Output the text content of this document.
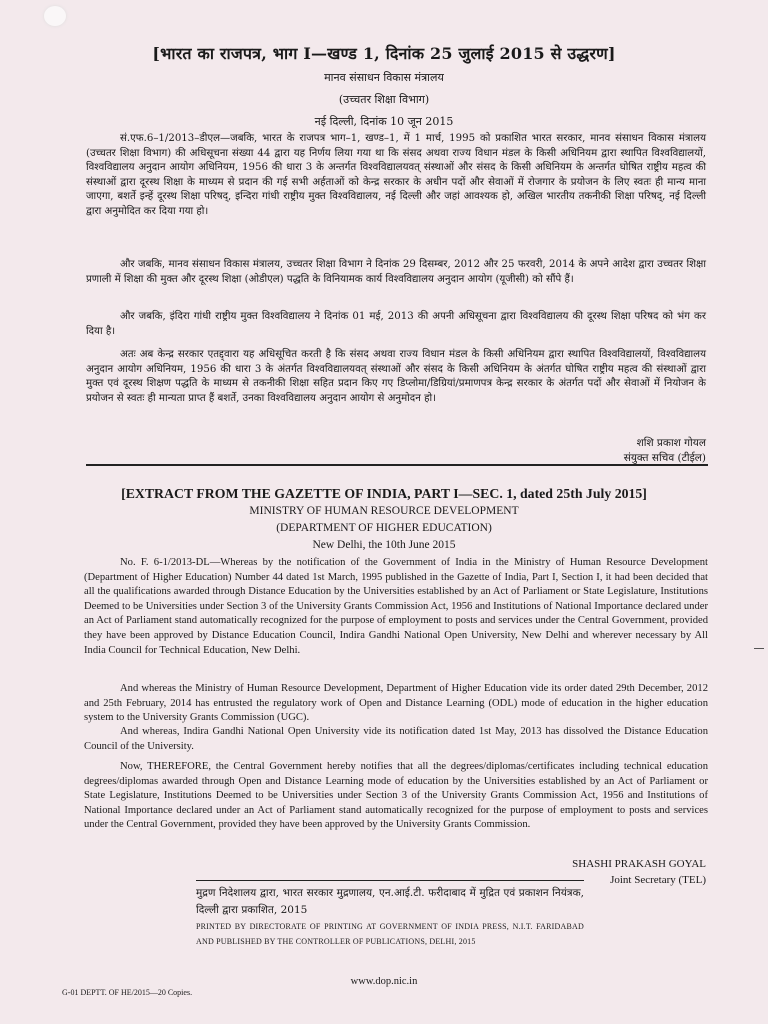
[भारत का राजपत्र, भाग I—खण्ड 1, दिनांक 25 जुलाई 2015 से उद्धरण]
मानव संसाधन विकास मंत्रालय
(उच्चतर शिक्षा विभाग)
नई दिल्ली, दिनांक 10 जून 2015
सं.एफ.6–1/2013–डीएल—जबकि, भारत के राजपत्र भाग–1, खण्ड–1, में 1 मार्च, 1995 को प्रकाशित भारत सरकार, मानव संसाधन विकास मंत्रालय (उच्चतर शिक्षा विभाग) की अधिसूचना संख्या 44 द्वारा यह निर्णय लिया गया था कि संसद अथवा राज्य विधान मंडल के किसी अधिनियम द्वारा स्थापित विश्वविद्यालयों, विश्वविद्यालय अनुदान आयोग अधिनियम, 1956 की धारा 3 के अन्तर्गत विश्वविद्यालयवत् संस्थाओं और संसद के किसी अधिनियम के अन्तर्गत घोषित राष्ट्रीय महत्व की संस्थाओं द्वारा दूरस्थ शिक्षा के माध्यम से प्रदान की गई सभी अर्हताओं को केन्द्र सरकार के अधीन पदों और सेवाओं में रोजगार के प्रयोजन के लिए स्वतः ही मान्य माना जाएगा, बशर्ते इन्हें दूरस्थ शिक्षा परिषद्, इन्दिरा गांधी राष्ट्रीय मुक्त विश्वविद्यालय, नई दिल्ली और जहां आवश्यक हो, अखिल भारतीय तकनीकी शिक्षा परिषद्, नई दिल्ली द्वारा अनुमोदित कर दिया गया हो।
और जबकि, मानव संसाधन विकास मंत्रालय, उच्चतर शिक्षा विभाग ने दिनांक 29 दिसम्बर, 2012 और 25 फरवरी, 2014 के अपने आदेश द्वारा उच्चतर शिक्षा प्रणाली में शिक्षा की मुक्त और दूरस्थ शिक्षा (ओडीएल) पद्धति के विनियामक कार्य विश्वविद्यालय अनुदान आयोग (यूजीसी) को सौंपे हैं।
और जबकि, इंदिरा गांधी राष्ट्रीय मुक्त विश्वविद्यालय ने दिनांक 01 मई, 2013 की अपनी अधिसूचना द्वारा विश्वविद्यालय की दूरस्थ शिक्षा परिषद को भंग कर दिया है।
अतः अब केन्द्र सरकार एतद्द्वारा यह अधिसूचित करती है कि संसद अथवा राज्य विधान मंडल के किसी अधिनियम द्वारा स्थापित विश्वविद्यालयों, विश्वविद्यालय अनुदान आयोग अधिनियम, 1956 की धारा 3 के अंतर्गत विश्वविद्यालयवत् संस्थाओं और संसद के किसी अधिनियम के अंतर्गत घोषित राष्ट्रीय महत्व की संस्थाओं द्वारा मुक्त एवं दूरस्थ शिक्षण पद्धति के माध्यम से तकनीकी शिक्षा सहित प्रदान किए गए डिप्लोमा/डिग्रियां/प्रमाणपत्र केन्द्र सरकार के अंतर्गत पदों और सेवाओं में नियोजन के प्रयोजन से स्वतः ही मान्यता प्राप्त हैं बशर्ते, उनका विश्वविद्यालय अनुदान आयोग से अनुमोदन हो।
शशि प्रकाश गोयल
संयुक्त सचिव (टीईल)
[EXTRACT FROM THE GAZETTE OF INDIA, PART I—SEC. 1, dated 25th July 2015]
MINISTRY OF HUMAN RESOURCE DEVELOPMENT
(DEPARTMENT OF HIGHER EDUCATION)
New Delhi, the 10th June 2015
No. F. 6-1/2013-DL—Whereas by the notification of the Government of India in the Ministry of Human Resource Development (Department of Higher Education) Number 44 dated 1st March, 1995 published in the Gazette of India, Part I, Section I, it had been decided that all the qualifications awarded through Distance Education by the Universities established by an Act of Parliament or State Legislature, Institutions Deemed to be Universities under Section 3 of the University Grants Commission Act, 1956 and Institutions of National Importance declared under an Act of Parliament stand automatically recognized for the purpose of employment to posts and services under the Central Government, provided they have been approved by Distance Education Council, Indira Gandhi National Open University, New Delhi and wherever necessary by All India Council for Technical Education, New Delhi.
And whereas the Ministry of Human Resource Development, Department of Higher Education vide its order dated 29th December, 2012 and 25th February, 2014 has entrusted the regulatory work of Open and Distance Learning (ODL) mode of education in the higher education system to the University Grants Commission (UGC).
And whereas, Indira Gandhi National Open University vide its notification dated 1st May, 2013 has dissolved the Distance Education Council of the University.
Now, THEREFORE, the Central Government hereby notifies that all the degrees/diplomas/certificates including technical education degrees/diplomas awarded through Open and Distance Learning mode of education by the Universities established by an Act of Parliament or State Legislature, Institutions Deemed to be Universities under Section 3 of the University Grants Commission Act, 1956 and Institutions of National Importance declared under an Act of Parliament stand automatically recognized for the purpose of employment to posts and services under the Central Government, provided they have been approved by the University Grants Commission.
SHASHI PRAKASH GOYAL
Joint Secretary (TEL)
मुद्रण निदेशालय द्वारा, भारत सरकार मुद्रणालय, एन.आई.टी. फरीदाबाद में मुद्रित एवं प्रकाशन नियंत्रक, दिल्ली द्वारा प्रकाशित, 2015
PRINTED BY DIRECTORATE OF PRINTING AT GOVERNMENT OF INDIA PRESS, N.I.T. FARIDABAD AND PUBLISHED BY THE CONTROLLER OF PUBLICATIONS, DELHI, 2015
www.dop.nic.in
G-01 DEPTT. OF HE/2015—20 Copies.
